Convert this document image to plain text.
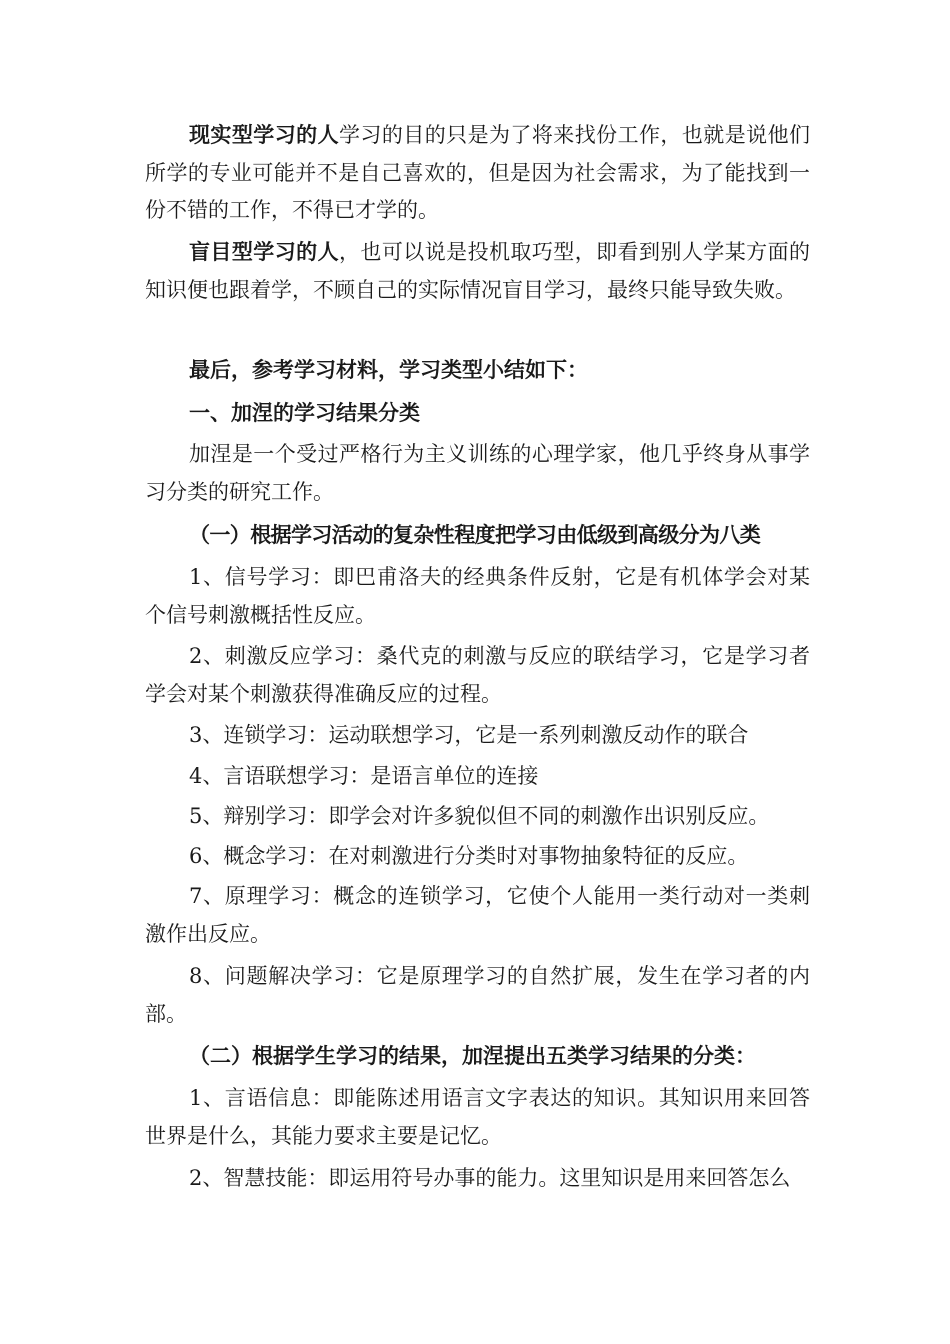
现实型学习的人学习的目的只是为了将来找份工作，也就是说他们所学的专业可能并不是自己喜欢的，但是因为社会需求，为了能找到一份不错的工作，不得已才学的。

盲目型学习的人，也可以说是投机取巧型，即看到别人学某方面的知识便也跟着学，不顾自己的实际情况盲目学习，最终只能导致失败。

最后，参考学习材料，学习类型小结如下：

一、加涅的学习结果分类

加涅是一个受过严格行为主义训练的心理学家，他几乎终身从事学习分类的研究工作。

（一）根据学习活动的复杂性程度把学习由低级到高级分为八类

1、信号学习：即巴甫洛夫的经典条件反射，它是有机体学会对某个信号刺激概括性反应。

2、刺激反应学习：桑代克的刺激与反应的联结学习，它是学习者学会对某个刺激获得准确反应的过程。

3、连锁学习：运动联想学习，它是一系列刺激反动作的联合

4、言语联想学习：是语言单位的连接

5、辩别学习：即学会对许多貌似但不同的刺激作出识别反应。

6、概念学习：在对刺激进行分类时对事物抽象特征的反应。

7、原理学习：概念的连锁学习，它使个人能用一类行动对一类刺激作出反应。

8、问题解决学习：它是原理学习的自然扩展，发生在学习者的内部。

（二）根据学生学习的结果，加涅提出五类学习结果的分类：

1、言语信息：即能陈述用语言文字表达的知识。其知识用来回答世界是什么，其能力要求主要是记忆。

2、智慧技能：即运用符号办事的能力。这里知识是用来回答怎么
